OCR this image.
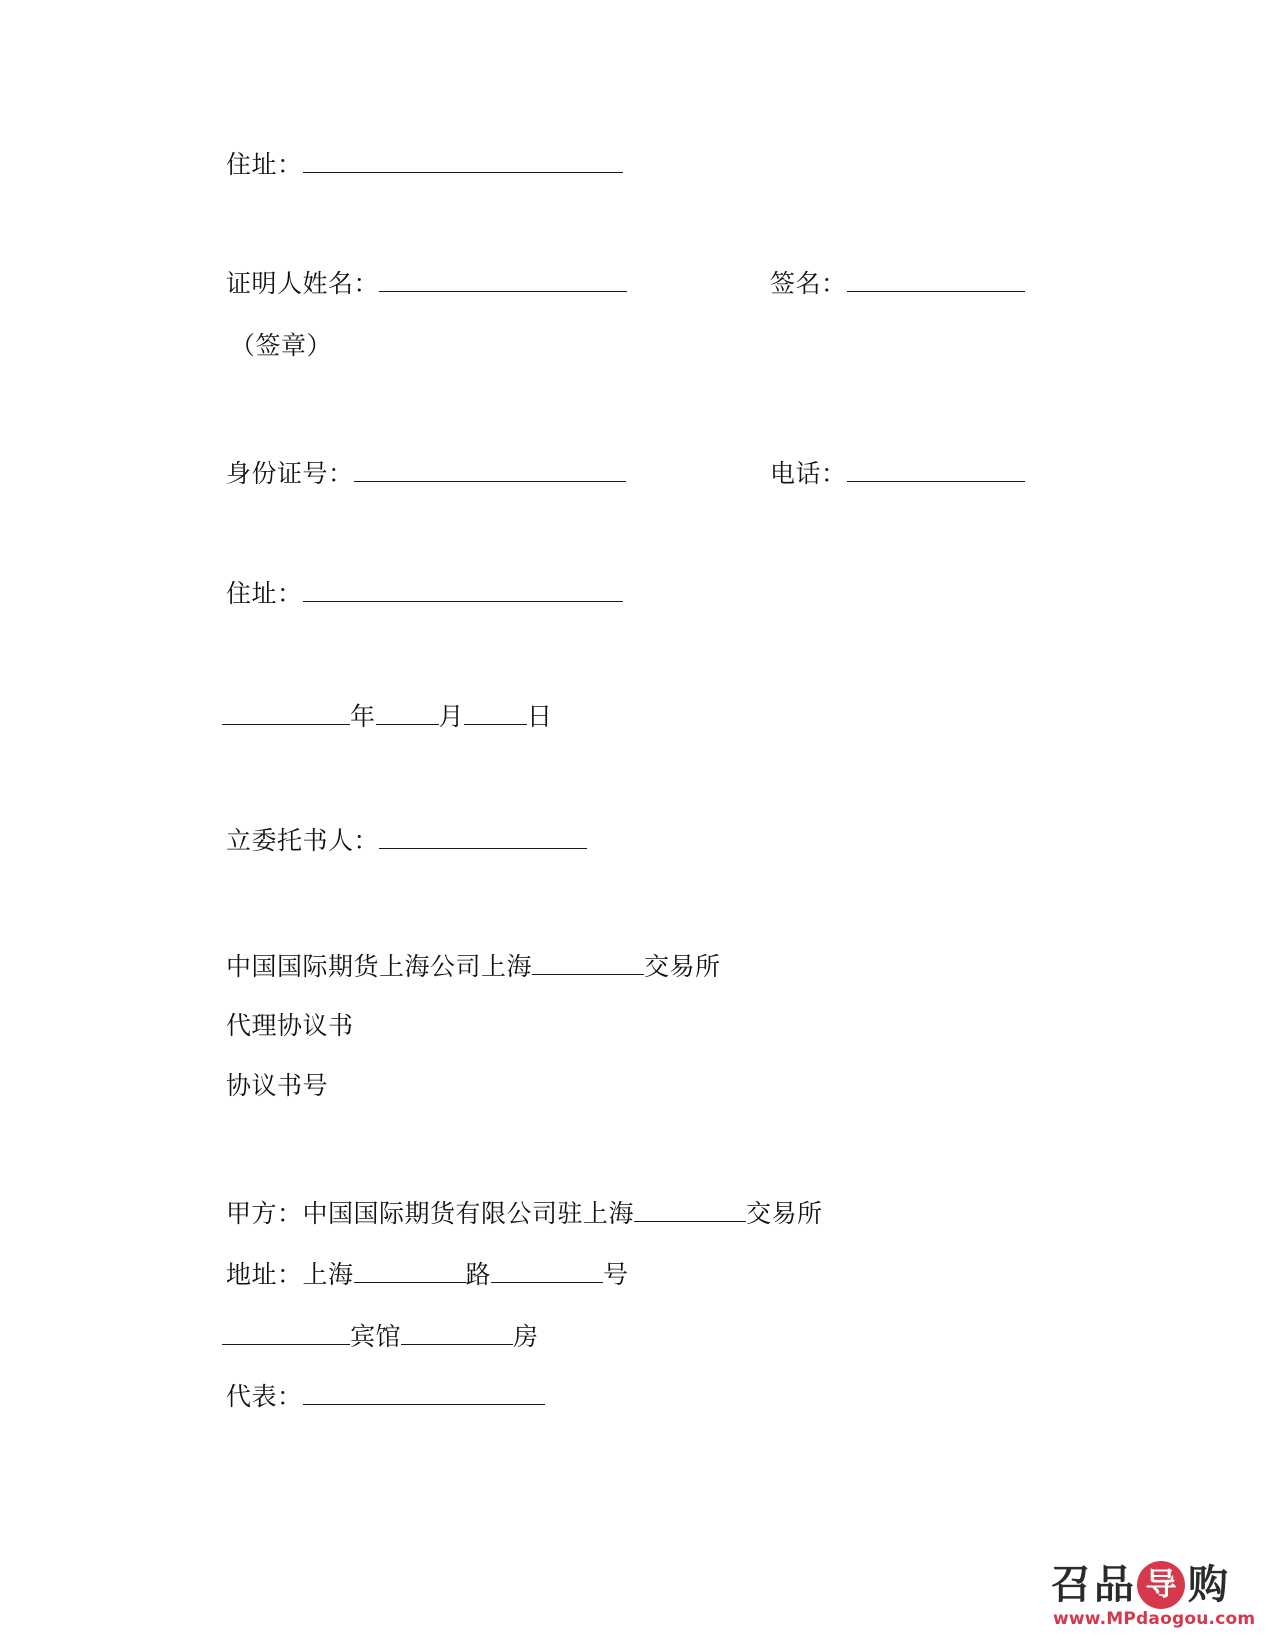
住址：
证明人姓名：	签名：
（签章）
身份证号：	电话：
住址：
年	月	日
立委托书人：
中国国际期货上海公司上海	交易所
代理协议书
协议书号
甲方：中国国际期货有限公司驻上海	交易所
地址：上海	路	号
宾馆	房
代表：
召 品 导 购
www.MPdaogou.com
